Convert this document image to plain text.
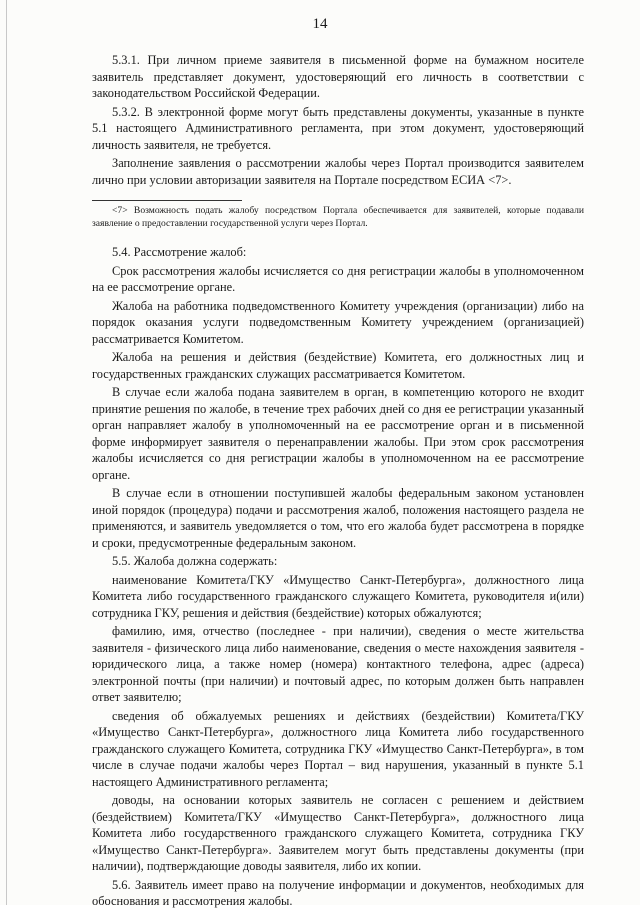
14

5.3.1. При личном приеме заявителя в письменной форме на бумажном носителе заявитель представляет документ, удостоверяющий его личность в соответствии с законодательством Российской Федерации.

5.3.2. В электронной форме могут быть представлены документы, указанные в пункте 5.1 настоящего Административного регламента, при этом документ, удостоверяющий личность заявителя, не требуется.

Заполнение заявления о рассмотрении жалобы через Портал производится заявителем лично при условии авторизации заявителя на Портале посредством ЕСИА <7>.

<7> Возможность подать жалобу посредством Портала обеспечивается для заявителей, которые подавали заявление о предоставлении государственной услуги через Портал.

5.4. Рассмотрение жалоб:

Срок рассмотрения жалобы исчисляется со дня регистрации жалобы в уполномоченном на ее рассмотрение органе.

Жалоба на работника подведомственного Комитету учреждения (организации) либо на порядок оказания услуги подведомственным Комитету учреждением (организацией) рассматривается Комитетом.

Жалоба на решения и действия (бездействие) Комитета, его должностных лиц и государственных гражданских служащих рассматривается Комитетом.

В случае если жалоба подана заявителем в орган, в компетенцию которого не входит принятие решения по жалобе, в течение трех рабочих дней со дня ее регистрации указанный орган направляет жалобу в уполномоченный на ее рассмотрение орган и в письменной форме информирует заявителя о перенаправлении жалобы. При этом срок рассмотрения жалобы исчисляется со дня регистрации жалобы в уполномоченном на ее рассмотрение органе.

В случае если в отношении поступившей жалобы федеральным законом установлен иной порядок (процедура) подачи и рассмотрения жалоб, положения настоящего раздела не применяются, и заявитель уведомляется о том, что его жалоба будет рассмотрена в порядке и сроки, предусмотренные федеральным законом.

5.5. Жалоба должна содержать:

наименование Комитета/ГКУ «Имущество Санкт-Петербурга», должностного лица Комитета либо государственного гражданского служащего Комитета, руководителя и(или) сотрудника ГКУ, решения и действия (бездействие) которых обжалуются;

фамилию, имя, отчество (последнее - при наличии), сведения о месте жительства заявителя - физического лица либо наименование, сведения о месте нахождения заявителя - юридического лица, а также номер (номера) контактного телефона, адрес (адреса) электронной почты (при наличии) и почтовый адрес, по которым должен быть направлен ответ заявителю;

сведения об обжалуемых решениях и действиях (бездействии) Комитета/ГКУ «Имущество Санкт-Петербурга», должностного лица Комитета либо государственного гражданского служащего Комитета, сотрудника ГКУ «Имущество Санкт-Петербурга», в том числе в случае подачи жалобы через Портал – вид нарушения, указанный в пункте 5.1 настоящего Административного регламента;

доводы, на основании которых заявитель не согласен с решением и действием (бездействием) Комитета/ГКУ «Имущество Санкт-Петербурга», должностного лица Комитета либо государственного гражданского служащего Комитета, сотрудника ГКУ «Имущество Санкт-Петербурга». Заявителем могут быть представлены документы (при наличии), подтверждающие доводы заявителя, либо их копии.

5.6. Заявитель имеет право на получение информации и документов, необходимых для обоснования и рассмотрения жалобы.
